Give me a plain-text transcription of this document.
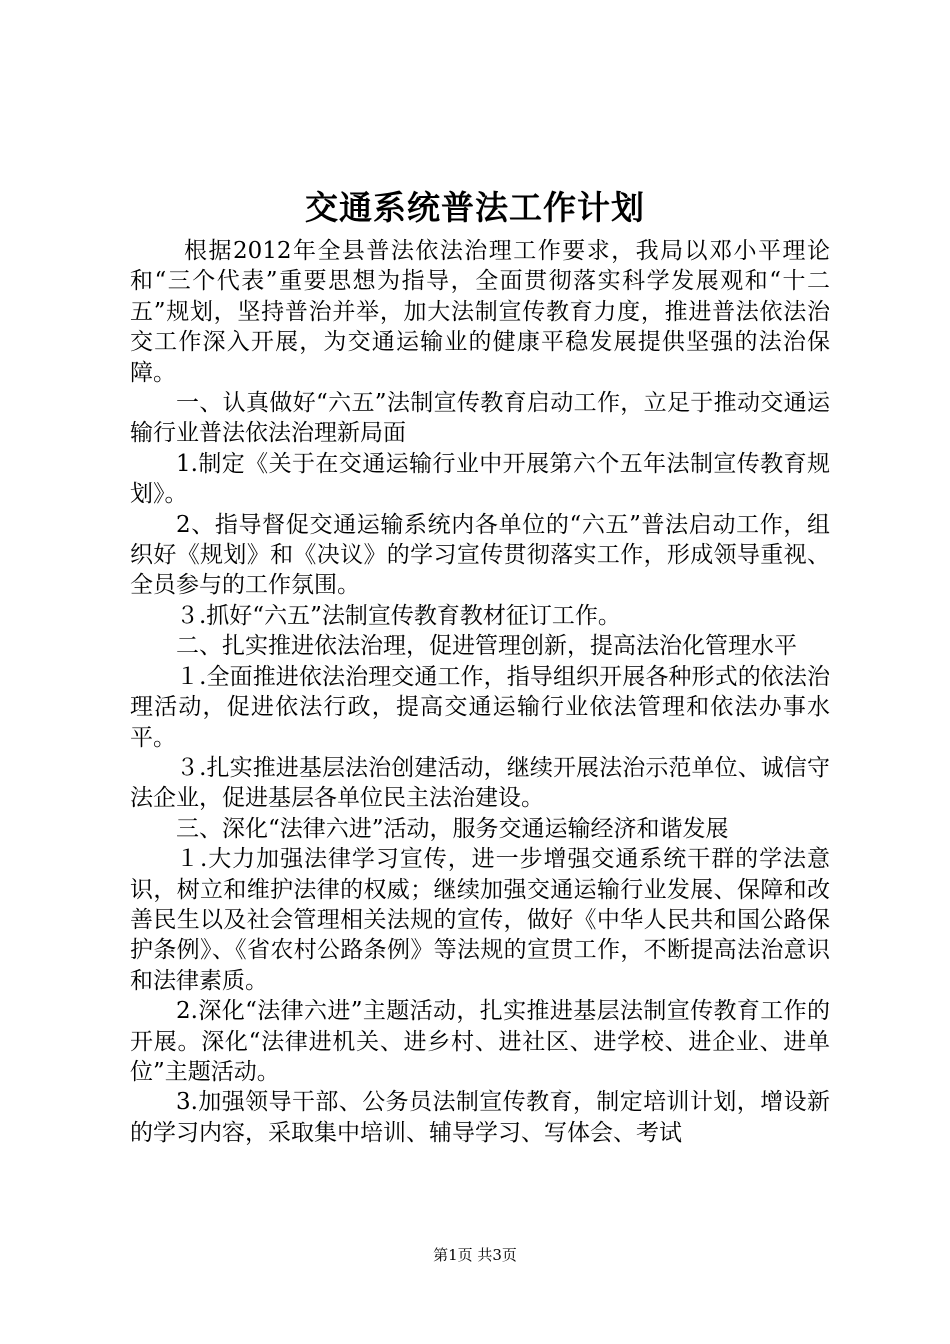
交通系统普法工作计划

根据2012年全县普法依法治理工作要求，我局以邓小平理论和“三个代表”重要思想为指导，全面贯彻落实科学发展观和“十二五”规划，坚持普治并举，加大法制宣传教育力度，推进普法依法治交工作深入开展，为交通运输业的健康平稳发展提供坚强的法治保障。

一、认真做好“六五”法制宣传教育启动工作，立足于推动交通运输行业普法依法治理新局面

1.制定《关于在交通运输行业中开展第六个五年法制宣传教育规划》。

2、指导督促交通运输系统内各单位的“六五”普法启动工作，组织好《规划》和《决议》的学习宣传贯彻落实工作，形成领导重视、全员参与的工作氛围。

３.抓好“六五”法制宣传教育教材征订工作。

二、扎实推进依法治理，促进管理创新，提高法治化管理水平

１.全面推进依法治理交通工作，指导组织开展各种形式的依法治理活动，促进依法行政，提高交通运输行业依法管理和依法办事水平。

３.扎实推进基层法治创建活动，继续开展法治示范单位、诚信守法企业，促进基层各单位民主法治建设。

三、深化“法律六进”活动，服务交通运输经济和谐发展

１.大力加强法律学习宣传，进一步增强交通系统干群的学法意识，树立和维护法律的权威；继续加强交通运输行业发展、保障和改善民生以及社会管理相关法规的宣传，做好《中华人民共和国公路保护条例》、《省农村公路条例》等法规的宣贯工作，不断提高法治意识和法律素质。

2.深化“法律六进”主题活动，扎实推进基层法制宣传教育工作的开展。深化“法律进机关、进乡村、进社区、进学校、进企业、进单位”主题活动。

3.加强领导干部、公务员法制宣传教育，制定培训计划，增设新的学习内容，采取集中培训、辅导学习、写体会、考试

第1页 共3页
